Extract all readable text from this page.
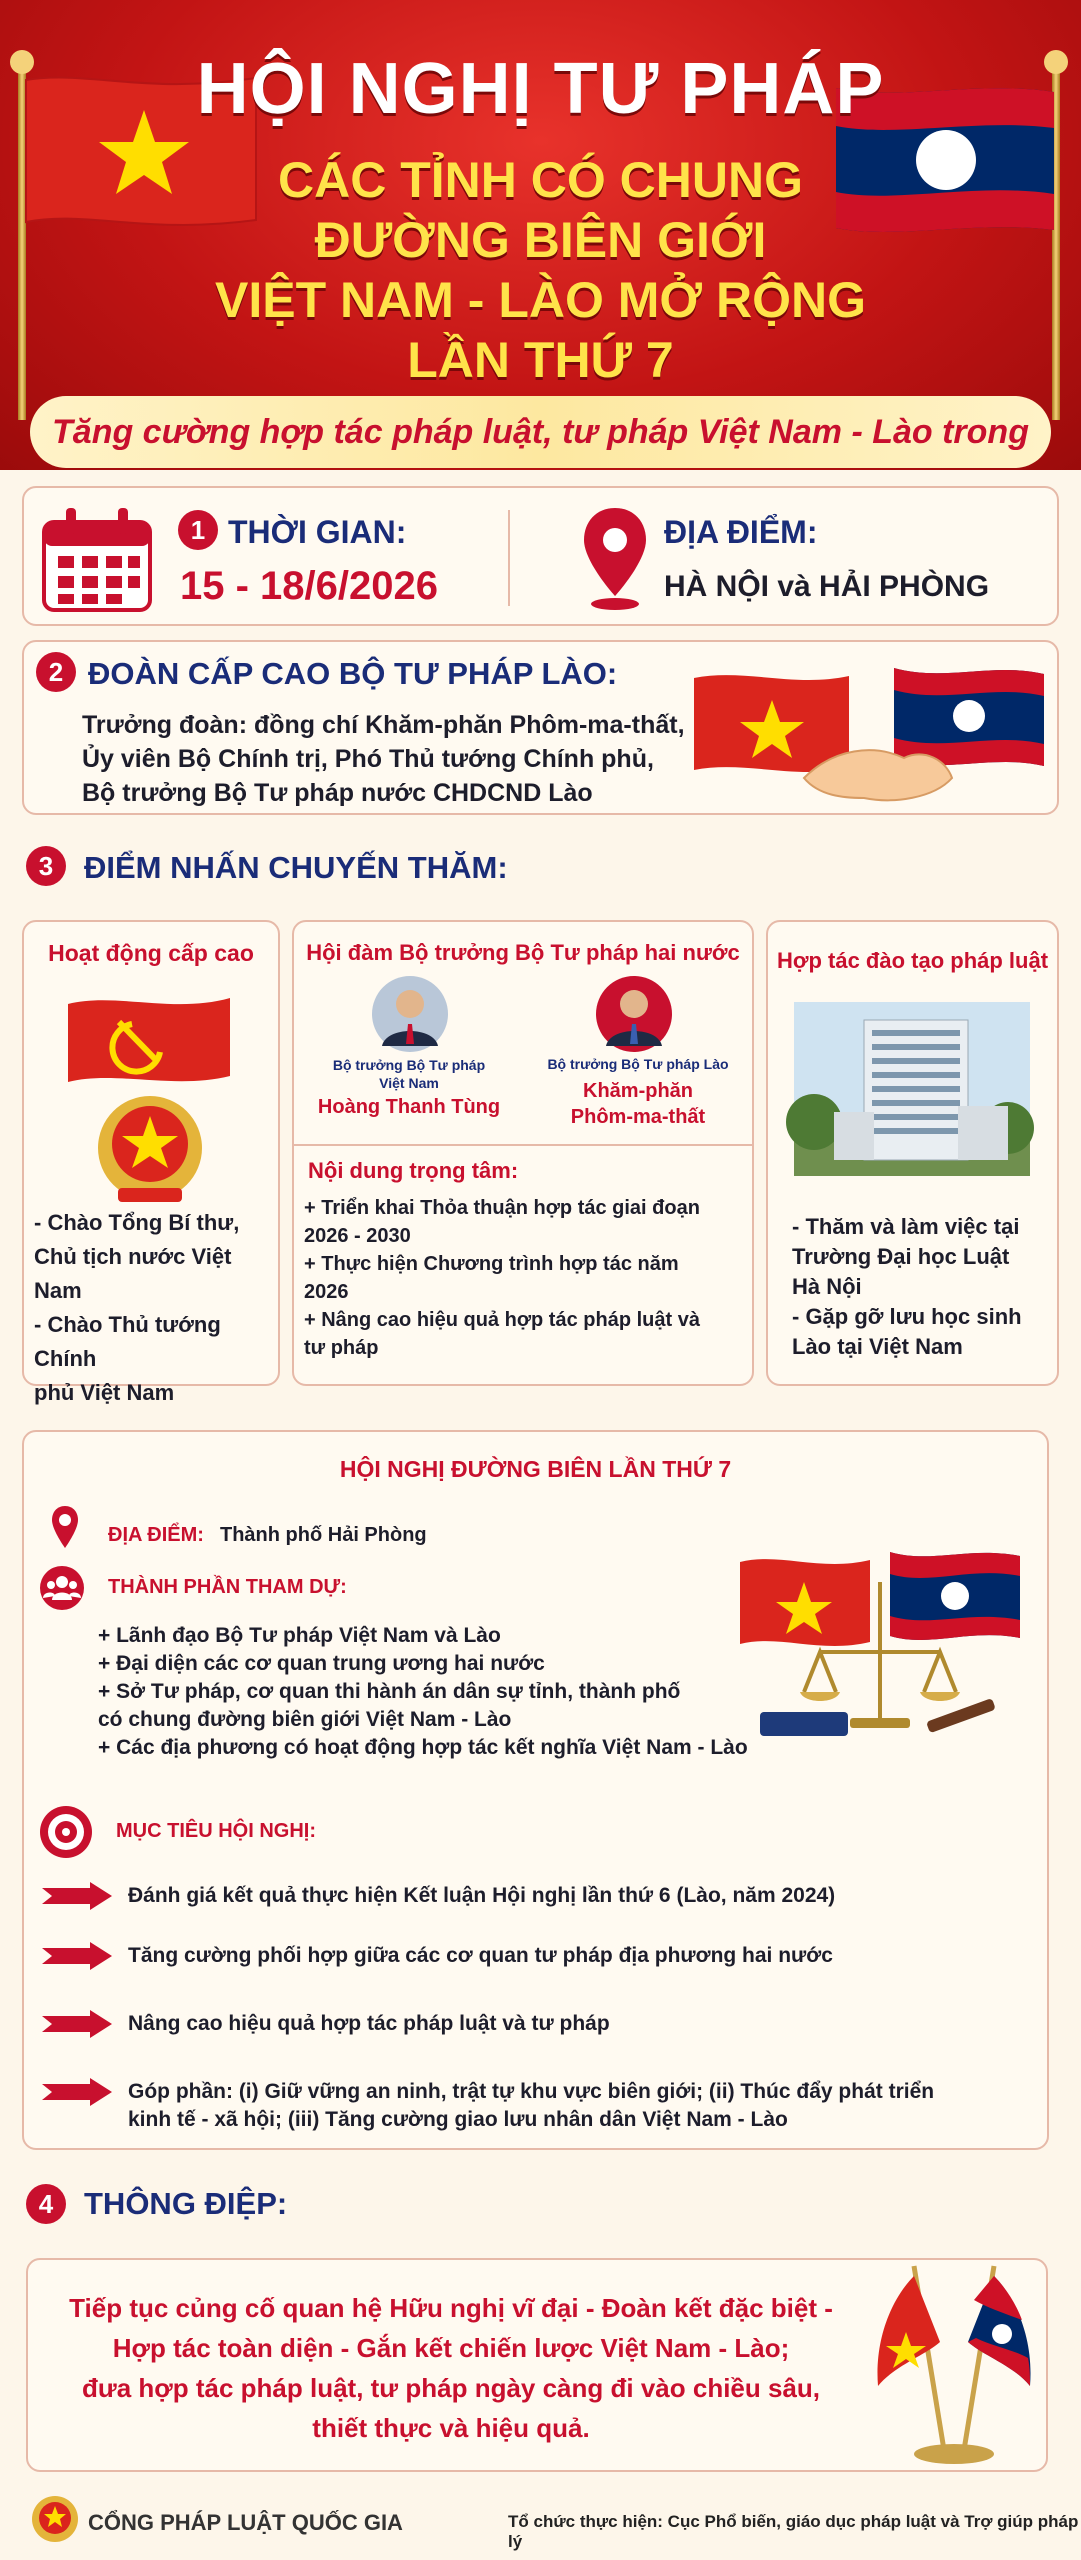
HỘI NGHỊ TƯ PHÁP
CÁC TỈNH CÓ CHUNG
ĐƯỜNG BIÊN GIỚI
VIỆT NAM - LÀO MỞ RỘNG
LẦN THỨ 7
Tăng cường hợp tác pháp luật, tư pháp Việt Nam - Lào trong
1 THỜI GIAN:
15 - 18/6/2026
ĐỊA ĐIỂM:
HÀ NỘI và HẢI PHÒNG
2 ĐOÀN CẤP CAO BỘ TƯ PHÁP LÀO:
Trưởng đoàn: đồng chí Khăm-phăn Phôm-ma-thất,
Ủy viên Bộ Chính trị, Phó Thủ tướng Chính phủ,
Bộ trưởng Bộ Tư pháp nước CHDCND Lào
3 ĐIỂM NHẤN CHUYẾN THĂM:
Hoạt động cấp cao
- Chào Tổng Bí thư,
Chủ tịch nước Việt Nam
- Chào Thủ tướng Chính
phủ Việt Nam
Hội đàm Bộ trưởng Bộ Tư pháp hai nước
Bộ trưởng Bộ Tư pháp
Việt Nam
Hoàng Thanh Tùng
Bộ trưởng Bộ Tư pháp Lào
Khăm-phăn
Phôm-ma-thất
Nội dung trọng tâm:
+ Triển khai Thỏa thuận hợp tác giai đoạn
2026 - 2030
+ Thực hiện Chương trình hợp tác năm
2026
+ Nâng cao hiệu quả hợp tác pháp luật và
tư pháp
Hợp tác đào tạo pháp luật
- Thăm và làm việc tại
Trường Đại học Luật
Hà Nội
- Gặp gỡ lưu học sinh
Lào tại Việt Nam
HỘI NGHỊ ĐƯỜNG BIÊN LẦN THỨ 7
ĐỊA ĐIỂM: Thành phố Hải Phòng
THÀNH PHẦN THAM DỰ:
+ Lãnh đạo Bộ Tư pháp Việt Nam và Lào
+ Đại diện các cơ quan trung ương hai nước
+ Sở Tư pháp, cơ quan thi hành án dân sự tỉnh, thành phố
có chung đường biên giới Việt Nam - Lào
+ Các địa phương có hoạt động hợp tác kết nghĩa Việt Nam - Lào
MỤC TIÊU HỘI NGHỊ:
Đánh giá kết quả thực hiện Kết luận Hội nghị lần thứ 6 (Lào, năm 2024)
Tăng cường phối hợp giữa các cơ quan tư pháp địa phương hai nước
Nâng cao hiệu quả hợp tác pháp luật và tư pháp
Góp phần: (i) Giữ vững an ninh, trật tự khu vực biên giới; (ii) Thúc đẩy phát triển
kinh tế - xã hội; (iii) Tăng cường giao lưu nhân dân Việt Nam - Lào
4 THÔNG ĐIỆP:
Tiếp tục củng cố quan hệ Hữu nghị vĩ đại - Đoàn kết đặc biệt -
Hợp tác toàn diện - Gắn kết chiến lược Việt Nam - Lào;
đưa hợp tác pháp luật, tư pháp ngày càng đi vào chiều sâu,
thiết thực và hiệu quả.
CỔNG PHÁP LUẬT QUỐC GIA	Tổ chức thực hiện: Cục Phổ biến, giáo dục pháp luật và Trợ giúp pháp lý
